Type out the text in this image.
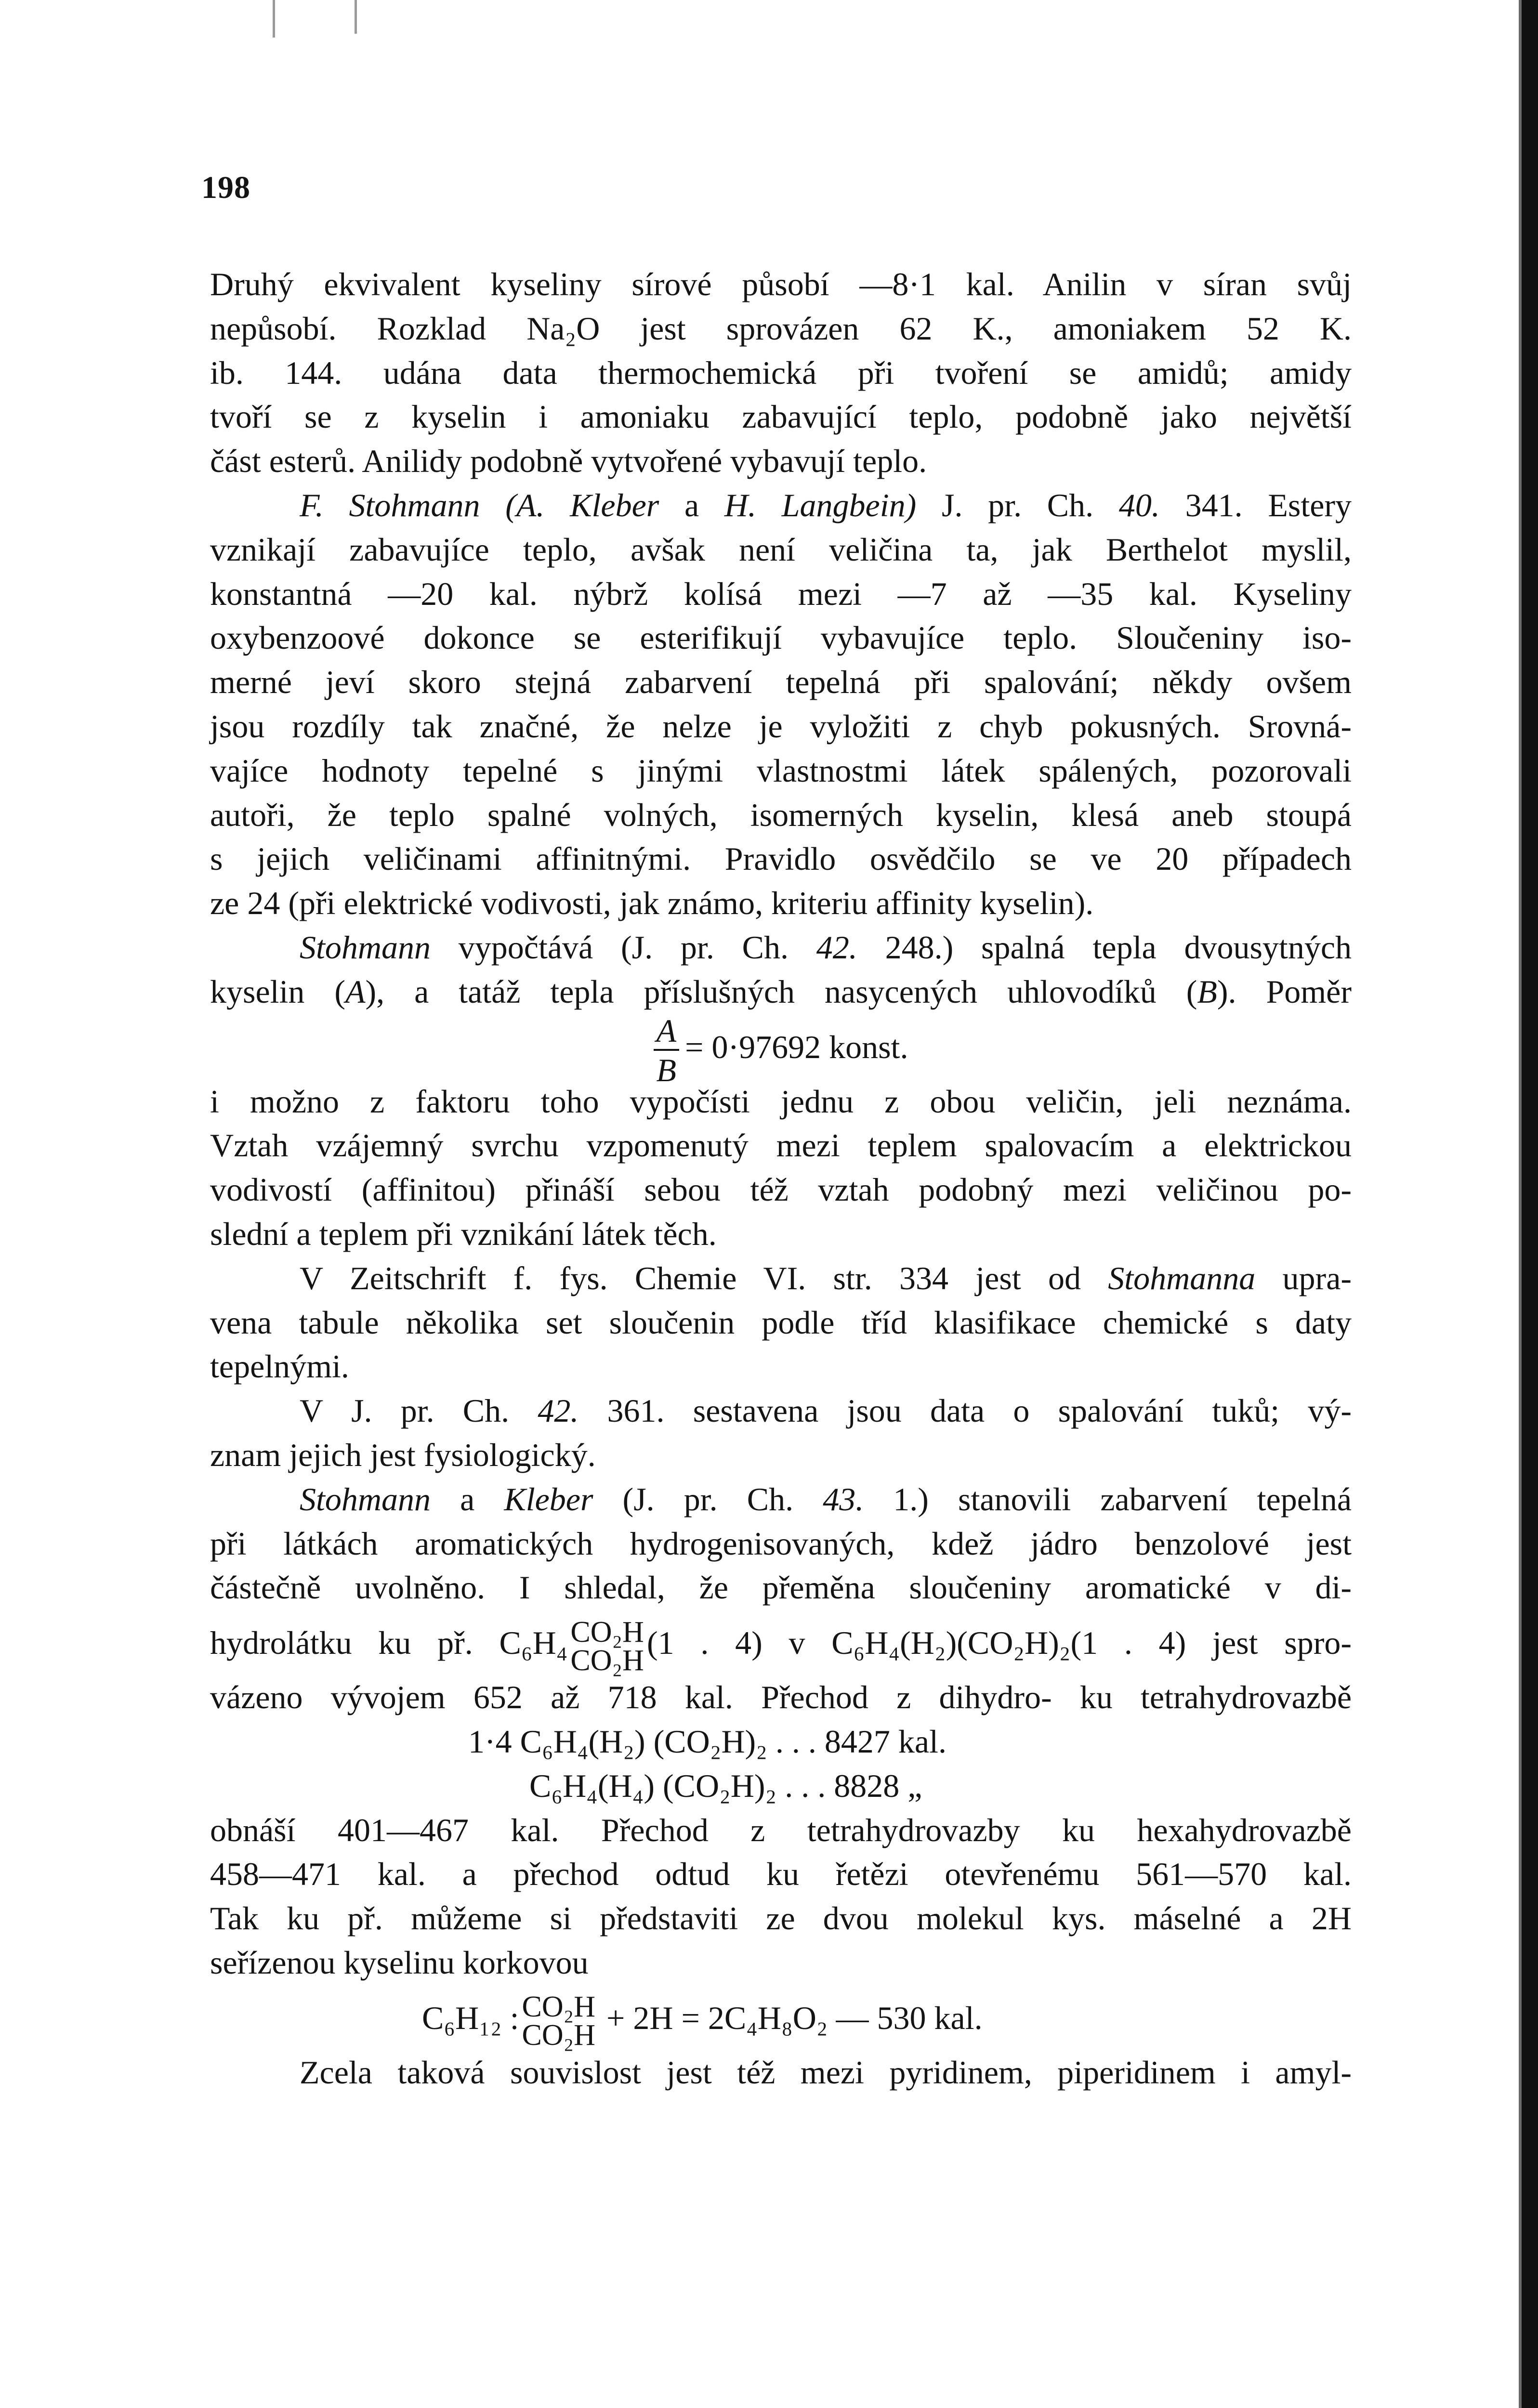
198
Druhý ekvivalent kyseliny sírové působí —8·1 kal. Anilin v síran svůj
nepůsobí. Rozklad Na₂O jest sprovázen 62 K., amoniakem 52 K.
ib. 144. udána data thermochemická při tvoření se amidů; amidy
tvoří se z kyselin i amoniaku zabavující teplo, podobně jako největší
část esterů. Anilidy podobně vytvořené vybavují teplo.
F. Stohmann (A. Kleber a H. Langbein) J. pr. Ch. 40. 341. Estery
vznikají zabavujíce teplo, avšak není veličina ta, jak Berthelot myslil,
konstantná —20 kal. nýbrž kolísá mezi —7 až —35 kal. Kyseliny
oxybenzoové dokonce se esterifikují vybavujíce teplo. Sloučeniny iso-
merné jeví skoro stejná zabarvení tepelná při spalování; někdy ovšem
jsou rozdíly tak značné, že nelze je vyložiti z chyb pokusných. Srovná-
vajíce hodnoty tepelné s jinými vlastnostmi látek spálených, pozorovali
autoři, že teplo spalné volných, isomerných kyselin, klesá aneb stoupá
s jejich veličinami affinitnými. Pravidlo osvědčilo se ve 20 případech
ze 24 (při elektrické vodivosti, jak známo, kriteriu affinity kyselin).
Stohmann vypočtává (J. pr. Ch. 42. 248.) spalná tepla dvousytných
kyselin (A), a tatáž tepla příslušných nasycených uhlovodíků (B). Poměr
$\frac{A}{B} = 0\cdot 97692$ konst.
i možno z faktoru toho vypočísti jednu z obou veličin, jeli neznáma.
Vztah vzájemný svrchu vzpomenutý mezi teplem spalovacím a elektrickou
vodivostí (affinitou) přináší sebou též vztah podobný mezi veličinou po-
slední a teplem při vznikání látek těch.
V Zeitschrift f. fys. Chemie VI. str. 334 jest od Stohmanna upra-
vena tabule několika set sloučenin podle tříd klasifikace chemické s daty
tepelnými.
V J. pr. Ch. 42. 361. sestavena jsou data o spalování tuků; vý-
znam jejich jest fysiologický.
Stohmann a Kleber (J. pr. Ch. 43. 1.) stanovili zabarvení tepelná
při látkách aromatických hydrogenisovaných, kdež jádro benzolové jest
částečně uvolněno. I shledal, že přeměna sloučeniny aromatické v di-
hydrolátku ku př. C₆H₄ CO₂H
CO₂H (1 . 4) v C₆H₄(H₂)(CO₂H)₂(1 . 4) jest spro-
vázeno vývojem 652 až 718 kal. Přechod z dihydro- ku tetrahydrovazbě
1·4 C₆H₄(H₂) (CO₂H)₂ . . . 8427 kal.
C₆H₄(H₄) (CO₂H)₂ . . . 8828 „
obnáší 401—467 kal. Přechod z tetrahydrovazby ku hexahydrovazbě
458—471 kal. a přechod odtud ku řetězi otevřenému 561—570 kal.
Tak ku př. můžeme si představiti ze dvou molekul kys. máselné a 2H
seřízenou kyselinu korkovou
C₆H₁₂ : CO₂H
CO₂H + 2H = 2C₄H₈O₂ — 530 kal.
Zcela taková souvislost jest též mezi pyridinem, piperidinem i amyl-
